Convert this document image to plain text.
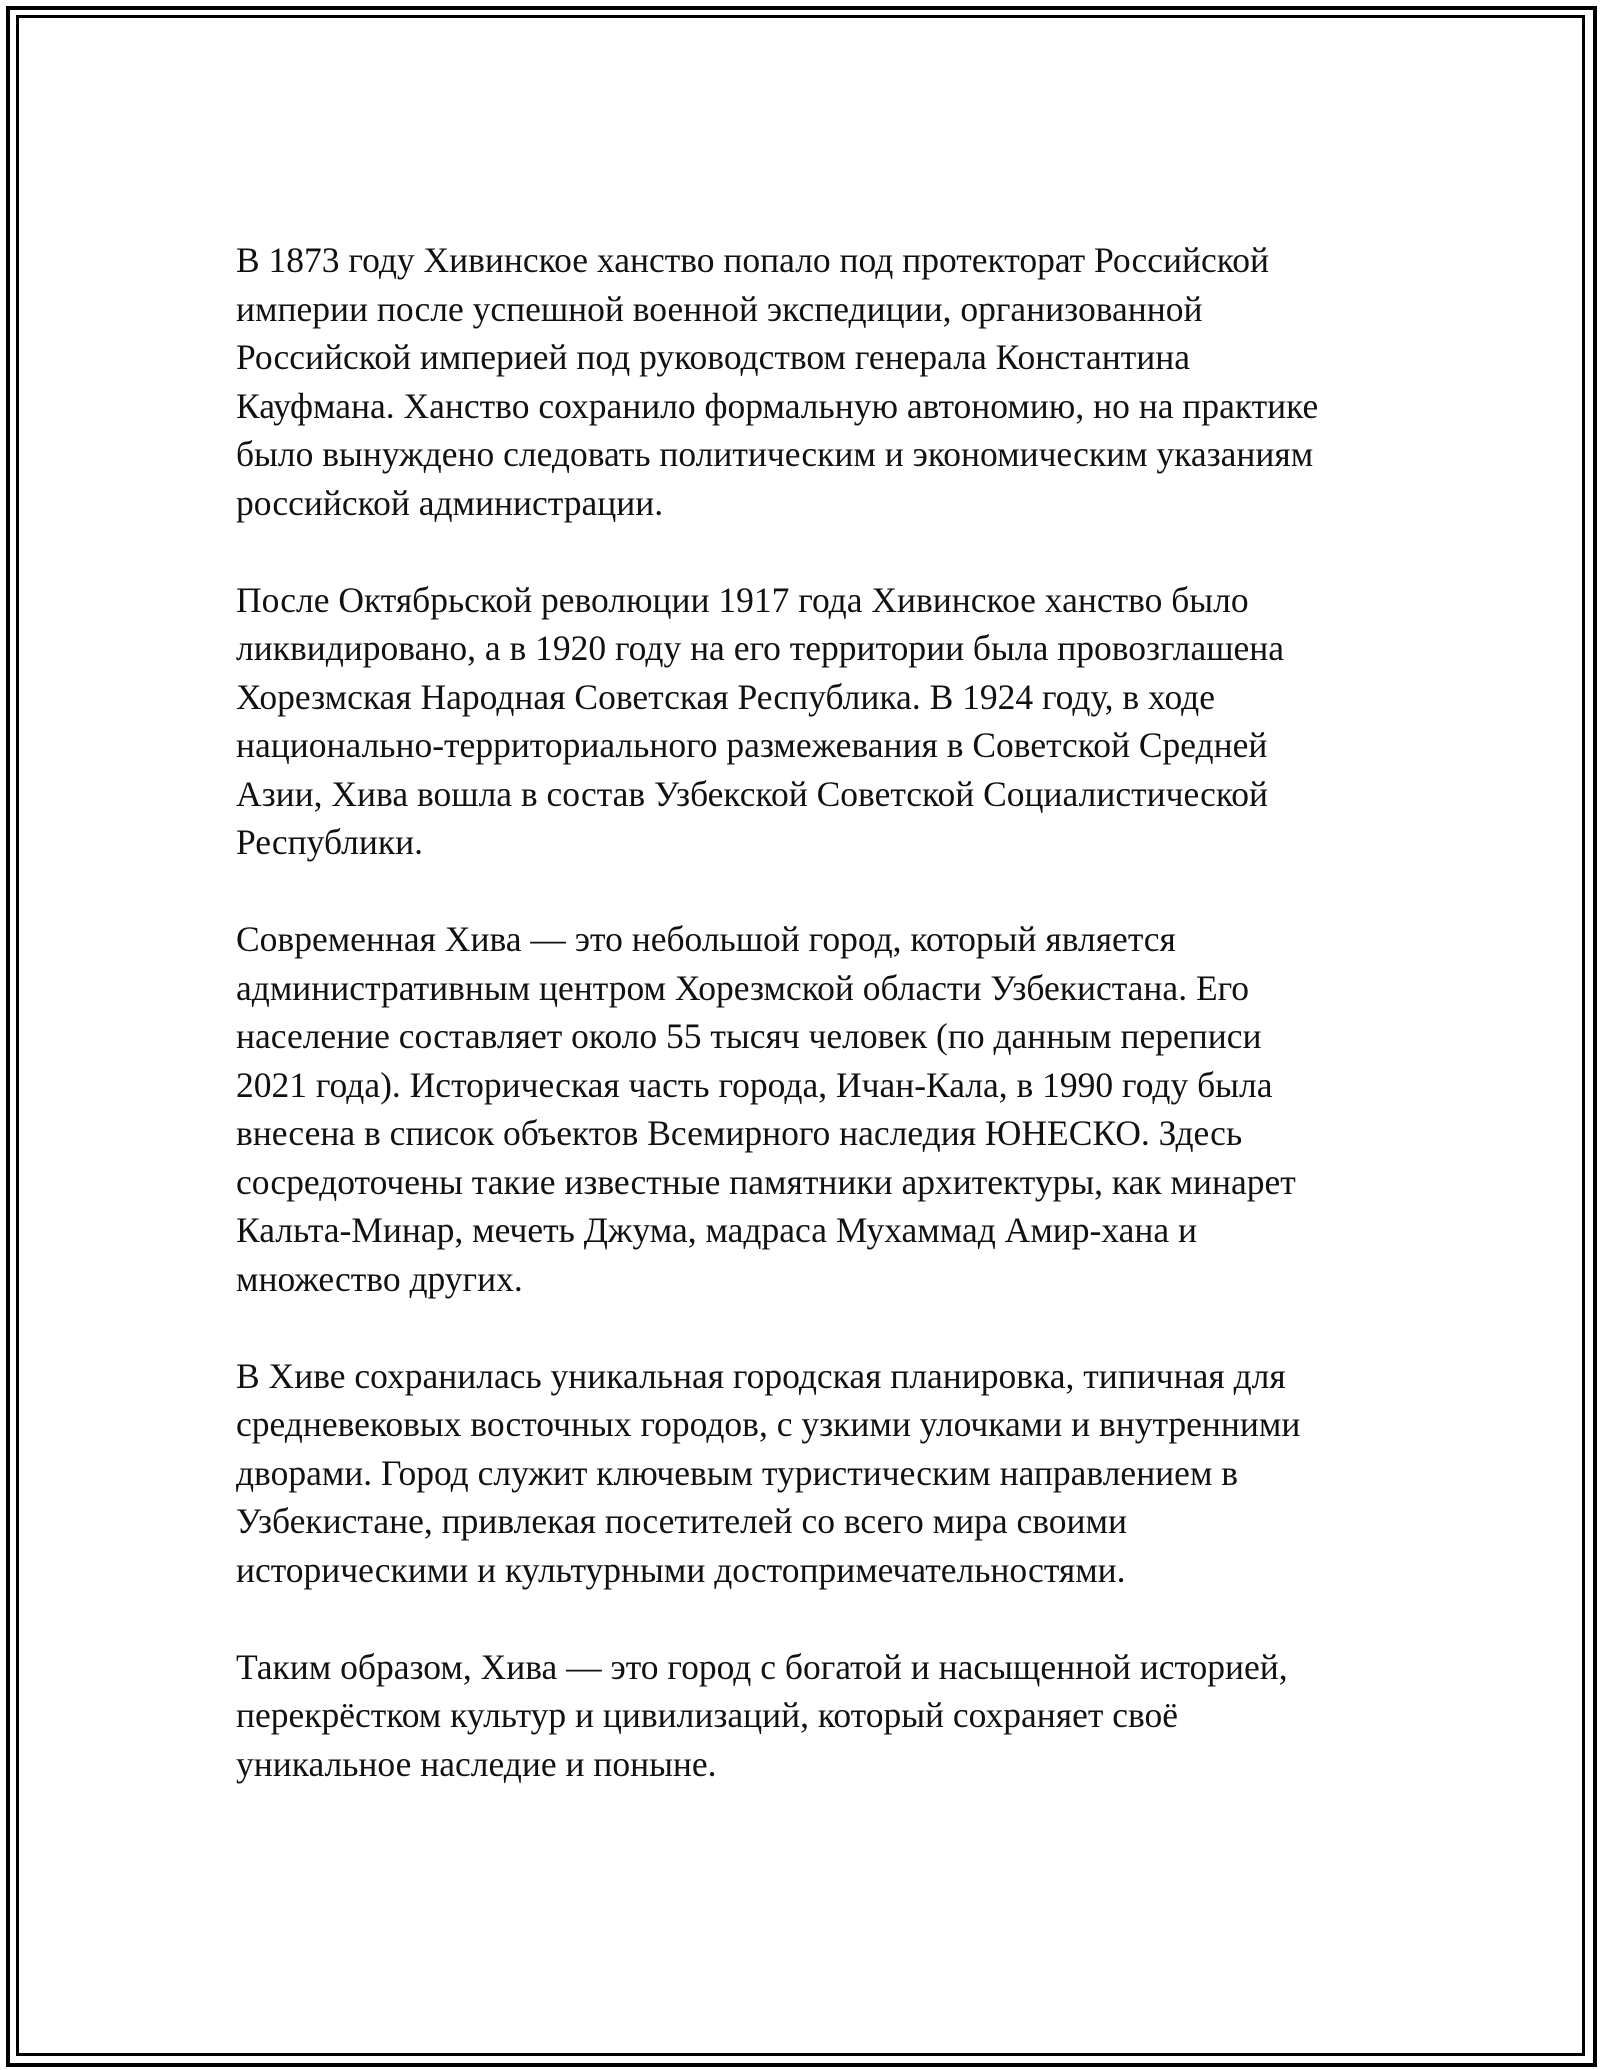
В 1873 году Хивинское ханство попало под протекторат Российской
империи после успешной военной экспедиции, организованной
Российской империей под руководством генерала Константина
Кауфмана. Ханство сохранило формальную автономию, но на практике
было вынуждено следовать политическим и экономическим указаниям
российской администрации.

После Октябрьской революции 1917 года Хивинское ханство было
ликвидировано, а в 1920 году на его территории была провозглашена
Хорезмская Народная Советская Республика. В 1924 году, в ходе
национально-территориального размежевания в Советской Средней
Азии, Хива вошла в состав Узбекской Советской Социалистической
Республики.

Современная Хива — это небольшой город, который является
административным центром Хорезмской области Узбекистана. Его
население составляет около 55 тысяч человек (по данным переписи
2021 года). Историческая часть города, Ичан-Кала, в 1990 году была
внесена в список объектов Всемирного наследия ЮНЕСКО. Здесь
сосредоточены такие известные памятники архитектуры, как минарет
Кальта-Минар, мечеть Джума, мадраса Мухаммад Амир-хана и
множество других.

В Хиве сохранилась уникальная городская планировка, типичная для
средневековых восточных городов, с узкими улочками и внутренними
дворами. Город служит ключевым туристическим направлением в
Узбекистане, привлекая посетителей со всего мира своими
историческими и культурными достопримечательностями.

Таким образом, Хива — это город с богатой и насыщенной историей,
перекрёстком культур и цивилизаций, который сохраняет своё
уникальное наследие и поныне.
